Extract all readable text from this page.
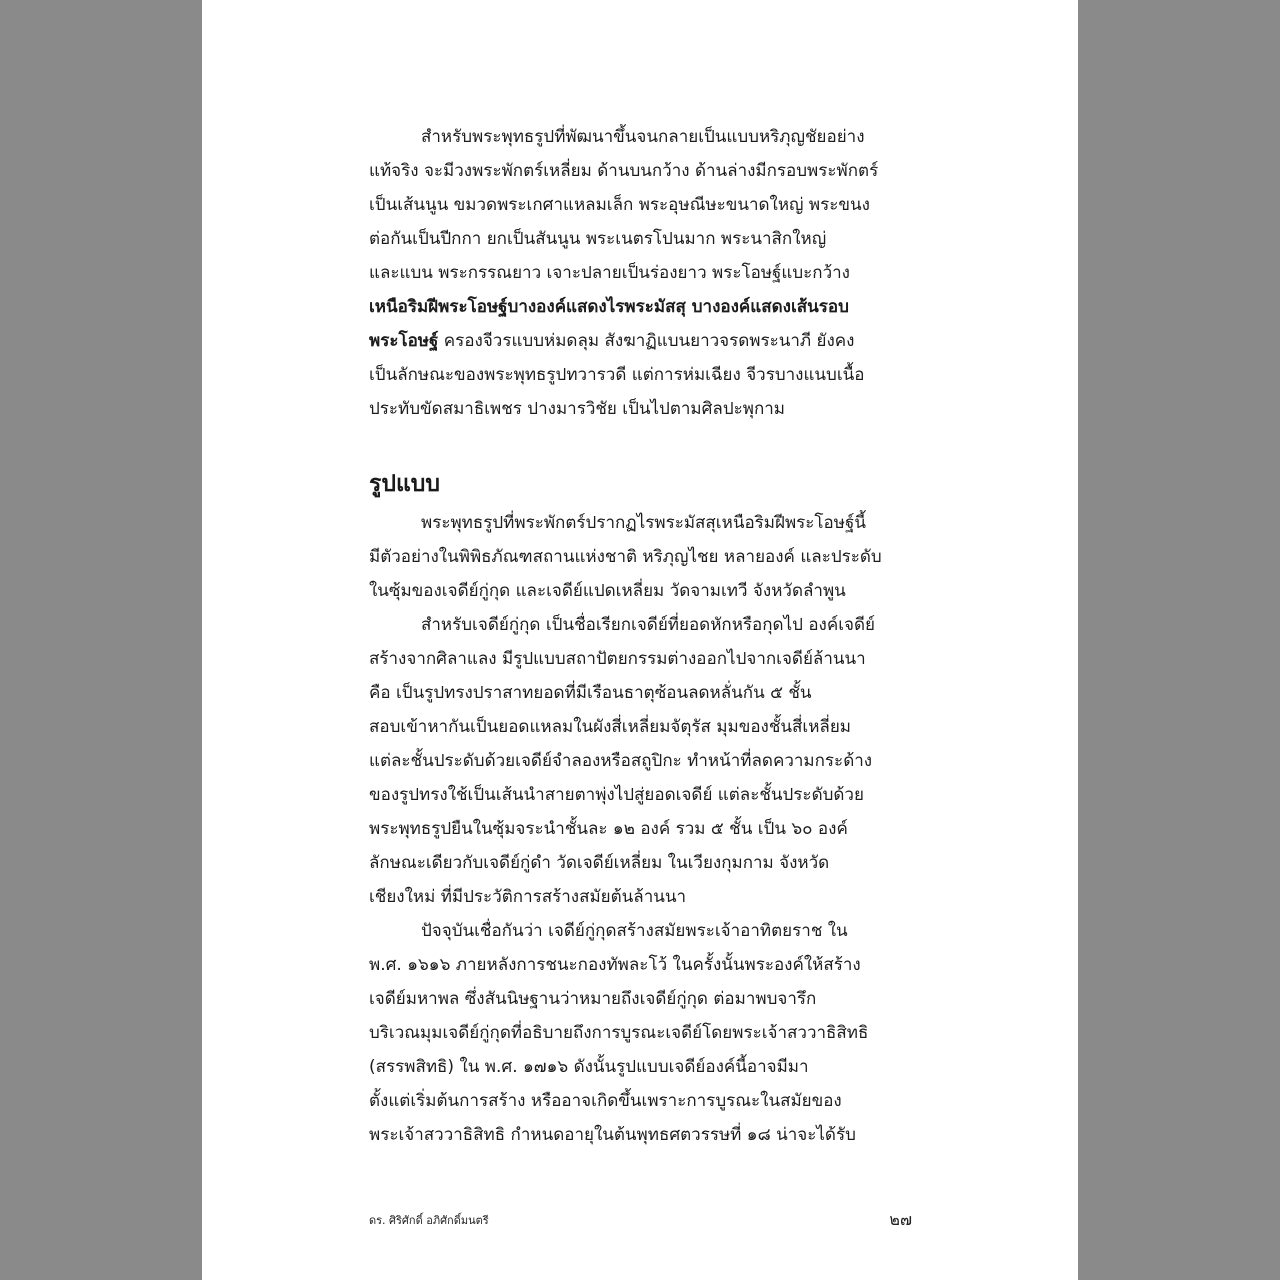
สำหรับพระพุทธรูปที่พัฒนาขึ้นจนกลายเป็นแบบหริภุญชัยอย่าง
แท้จริง จะมีวงพระพักตร์เหลี่ยม ด้านบนกว้าง ด้านล่างมีกรอบพระพักตร์
เป็นเส้นนูน ขมวดพระเกศาแหลมเล็ก พระอุษณีษะขนาดใหญ่ พระขนง
ต่อกันเป็นปีกกา ยกเป็นสันนูน พระเนตรโปนมาก พระนาสิกใหญ่
และแบน พระกรรณยาว เจาะปลายเป็นร่องยาว พระโอษฐ์แบะกว้าง
เหนือริมฝีพระโอษฐ์บางองค์แสดงไรพระมัสสุ บางองค์แสดงเส้นรอบ
พระโอษฐ์ ครองจีวรแบบห่มดลุม สังฆาฏิแบนยาวจรดพระนาภี ยังคง
เป็นลักษณะของพระพุทธรูปทวารวดี แต่การห่มเฉียง จีวรบางแนบเนื้อ
ประทับขัดสมาธิเพชร ปางมารวิชัย เป็นไปตามศิลปะพุกาม
รูปแบบ
พระพุทธรูปที่พระพักตร์ปรากฏไรพระมัสสุเหนือริมฝีพระโอษฐ์นี้
มีตัวอย่างในพิพิธภัณฑสถานแห่งชาติ หริภุญไชย หลายองค์ และประดับ
ในซุ้มของเจดีย์กู่กุด และเจดีย์แปดเหลี่ยม วัดจามเทวี จังหวัดลำพูน
สำหรับเจดีย์กู่กุด เป็นชื่อเรียกเจดีย์ที่ยอดหักหรือกุดไป องค์เจดีย์
สร้างจากศิลาแลง มีรูปแบบสถาปัตยกรรมต่างออกไปจากเจดีย์ล้านนา
คือ เป็นรูปทรงปราสาทยอดที่มีเรือนธาตุซ้อนลดหลั่นกัน ๕ ชั้น
สอบเข้าหากันเป็นยอดแหลมในผังสี่เหลี่ยมจัตุรัส มุมของชั้นสี่เหลี่ยม
แต่ละชั้นประดับด้วยเจดีย์จำลองหรือสถูปิกะ ทำหน้าที่ลดความกระด้าง
ของรูปทรงใช้เป็นเส้นนำสายตาพุ่งไปสู่ยอดเจดีย์ แต่ละชั้นประดับด้วย
พระพุทธรูปยืนในซุ้มจระนำชั้นละ ๑๒ องค์ รวม ๕ ชั้น เป็น ๖๐ องค์
ลักษณะเดียวกับเจดีย์กู่ดำ วัดเจดีย์เหลี่ยม ในเวียงกุมกาม จังหวัด
เชียงใหม่ ที่มีประวัติการสร้างสมัยต้นล้านนา
ปัจจุบันเชื่อกันว่า เจดีย์กู่กุดสร้างสมัยพระเจ้าอาทิตยราช ใน
พ.ศ. ๑๖๑๖ ภายหลังการชนะกองทัพละโว้ ในครั้งนั้นพระองค์ให้สร้าง
เจดีย์มหาพล ซึ่งสันนิษฐานว่าหมายถึงเจดีย์กู่กุด ต่อมาพบจารึก
บริเวณมุมเจดีย์กู่กุดที่อธิบายถึงการบูรณะเจดีย์โดยพระเจ้าสววาธิสิทธิ
(สรรพสิทธิ) ใน พ.ศ. ๑๗๑๖ ดังนั้นรูปแบบเจดีย์องค์นี้อาจมีมา
ตั้งแต่เริ่มต้นการสร้าง หรืออาจเกิดขึ้นเพราะการบูรณะในสมัยของ
พระเจ้าสววาธิสิทธิ กำหนดอายุในต้นพุทธศตวรรษที่ ๑๘ น่าจะได้รับ
ดร. ศิริศักดิ์ อภิศักดิ์มนตรี	๒๗
